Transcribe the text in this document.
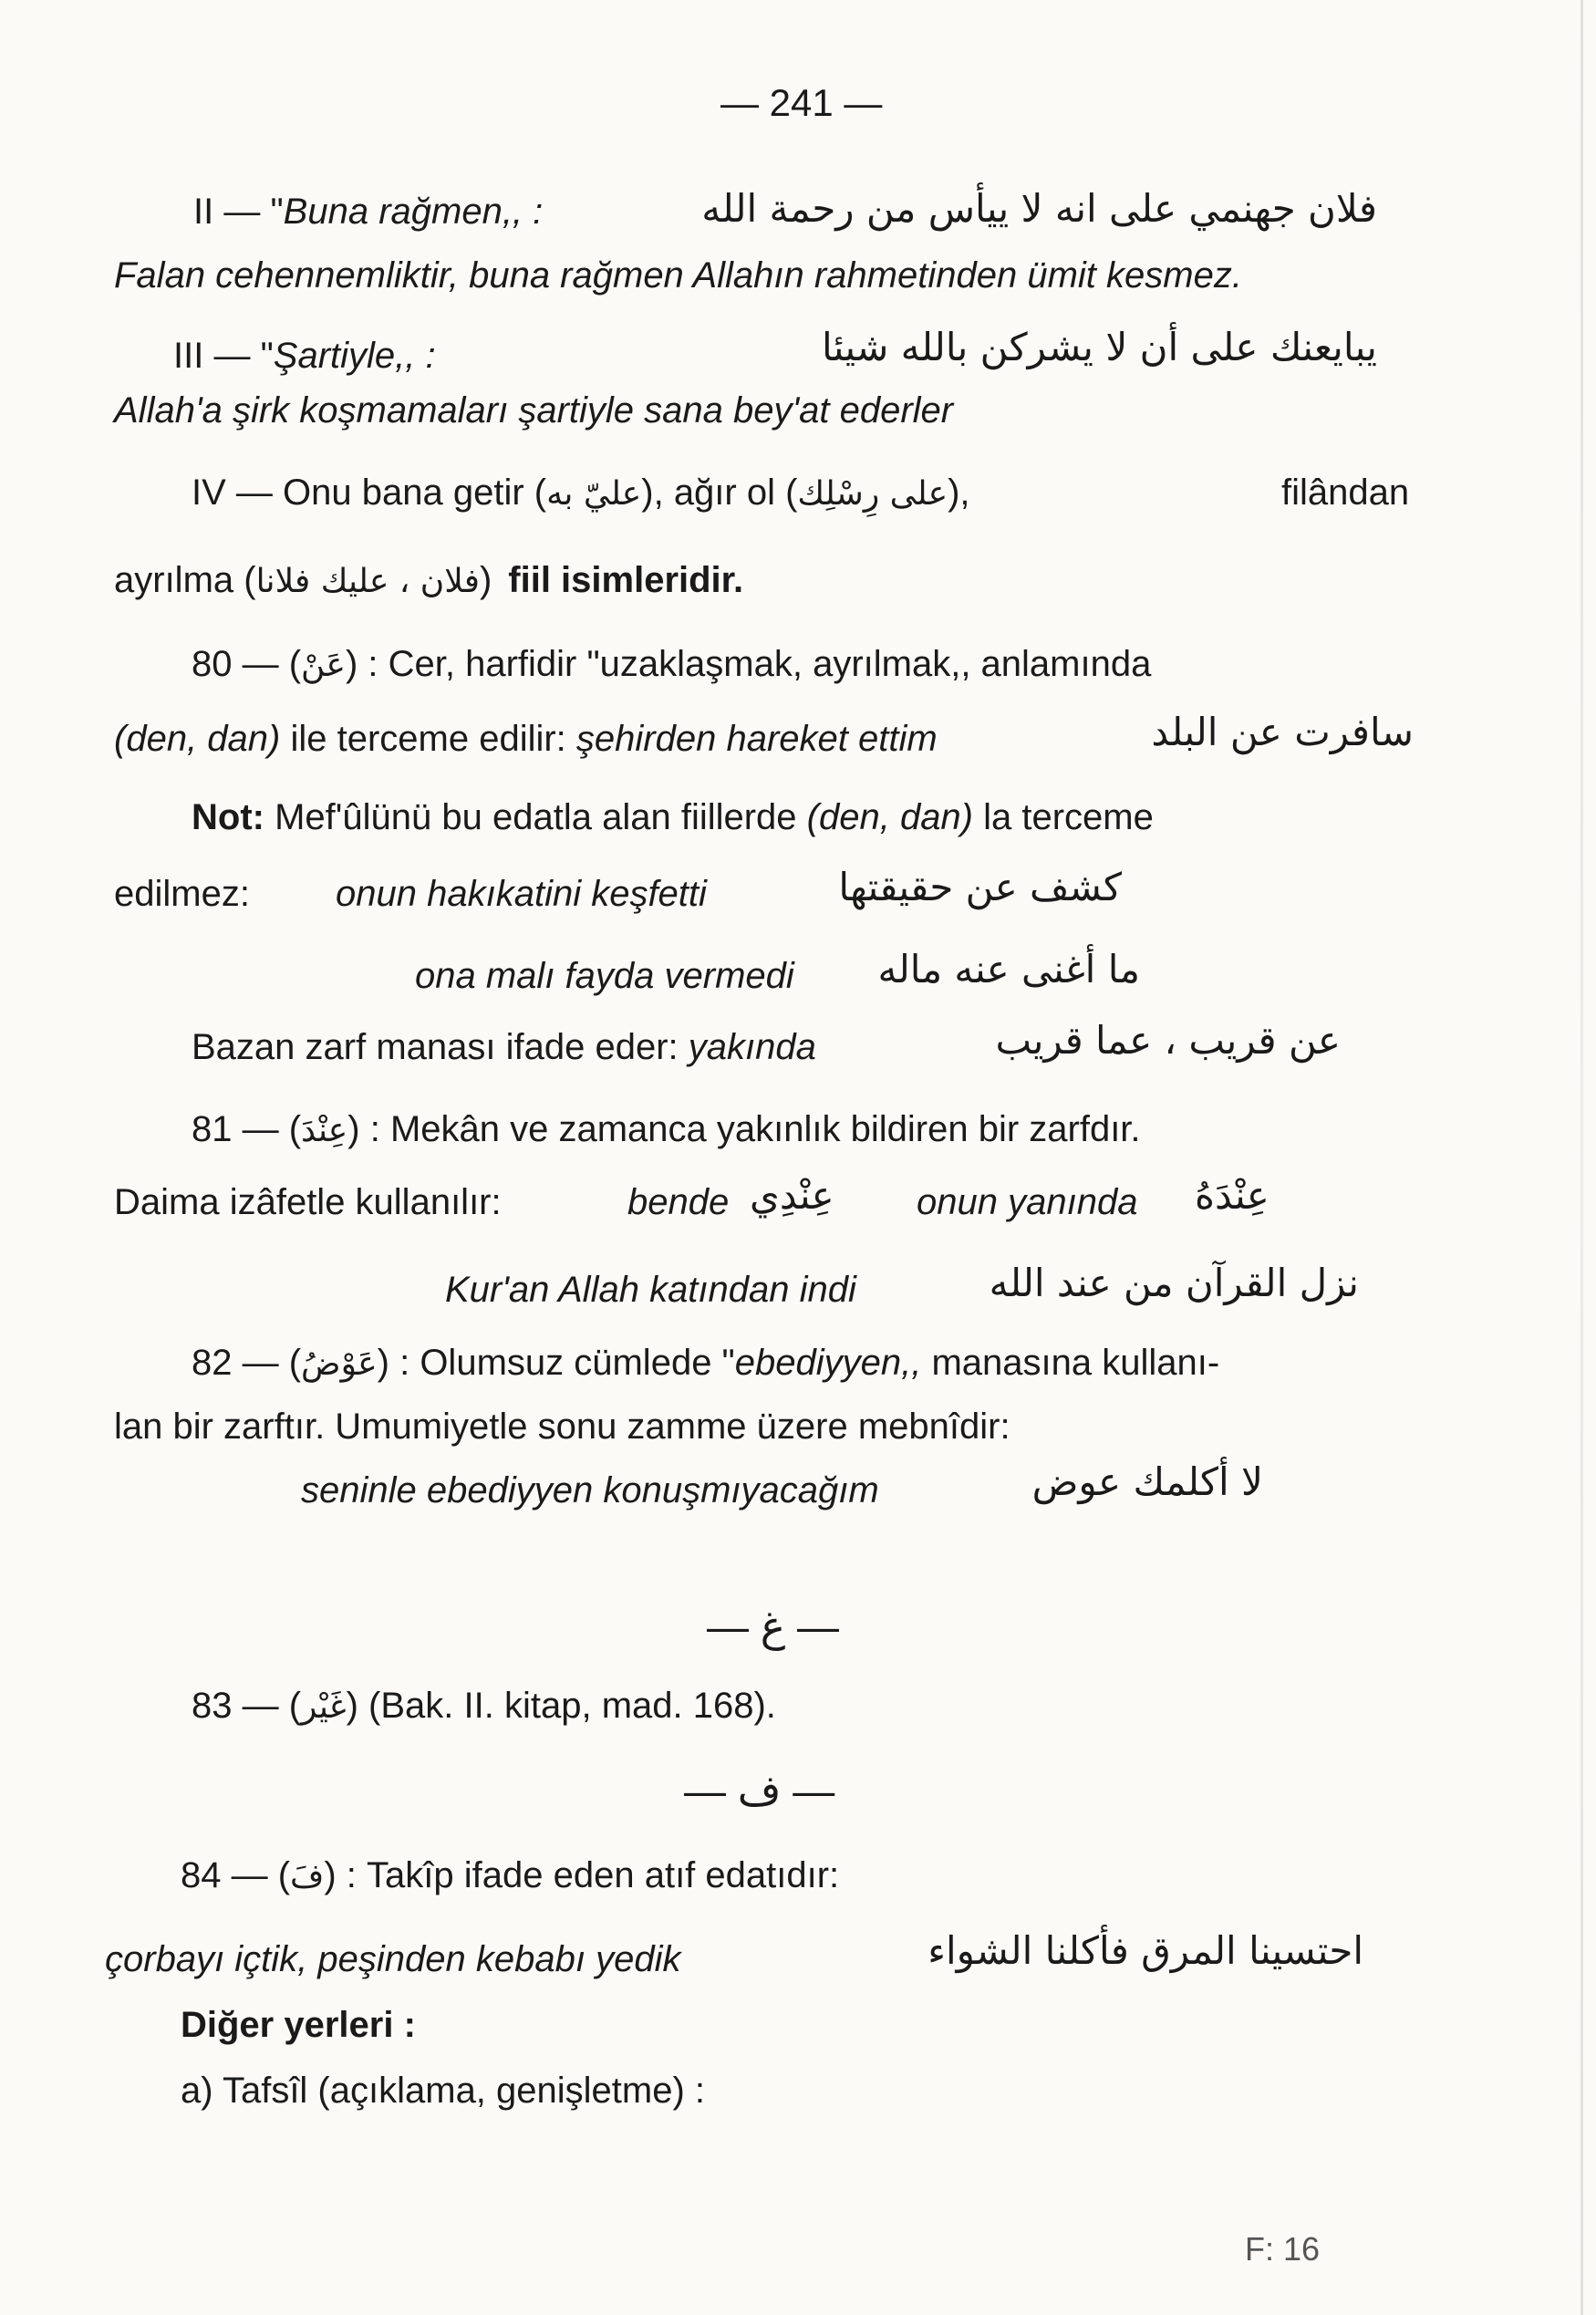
— 241 —
II — "Buna rağmen,, :	فلان جهنمي على انه لا ييأس من رحمة الله
Falan cehennemliktir, buna rağmen Allahın rahmetinden ümit kesmez.
III — "Şartiyle,, :	يبايعنك على أن لا يشركن بالله شيئا
Allah'a şirk koşmamaları şartiyle sana bey'at ederler
IV — Onu bana getir (عليّ به), ağır ol (على رِسْلِك),	filândan
ayrılma (فلان ، عليك فلانا) fiil isimleridir.
80 — (عَنْ) : Cer, harfidir "uzaklaşmak, ayrılmak,, anlamında
(den, dan) ile terceme edilir: şehirden hareket ettim	سافرت عن البلد
Not: Mef'ûlünü bu edatla alan fiillerde (den, dan) la terceme
edilmez: onun hakıkatini keşfetti	كشف عن حقيقتها
ona malı fayda vermedi ما أغنى عنه ماله
Bazan zarf manası ifade eder: yakında	عن قريب ، عما قريب
81 — (عِنْدَ) : Mekân ve zamanca yakınlık bildiren bir zarfdır.
Daima izâfetle kullanılır:	bende عِنْدِي onun yanında عِنْدَهُ
Kur'an Allah katından indi	نزل القرآن من عند الله
82 — (عَوْضُ) : Olumsuz cümlede "ebediyyen,, manasına kullanı-
lan bir zarftır. Umumiyetle sonu zamme üzere mebnîdir:
seninle ebediyyen konuşmıyacağım	لا أكلمك عوض
— غ —
83 — (غَيْر) (Bak. II. kitap, mad. 168).
— ف —
84 — (فَ) : Takîp ifade eden atıf edatıdır:
çorbayı içtik, peşinden kebabı yedik	احتسينا المرق فأكلنا الشواء
Diğer yerleri :
a) Tafsîl (açıklama, genişletme) :
F: 16
